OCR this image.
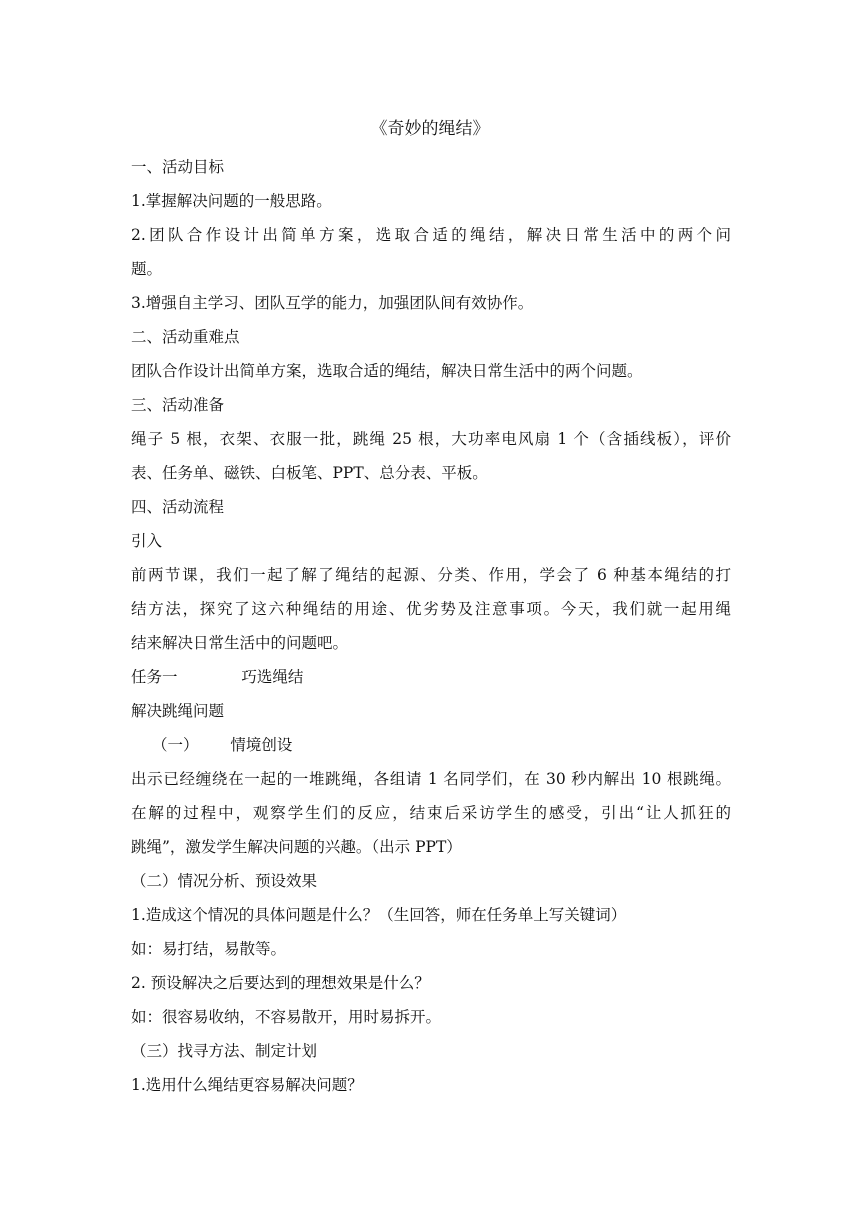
《奇妙的绳结》
一、活动目标
1.掌握解决问题的一般思路。
2.团队合作设计出简单方案，选取合适的绳结，解决日常生活中的两个问
题。
3.增强自主学习、团队互学的能力，加强团队间有效协作。
二、活动重难点
团队合作设计出简单方案，选取合适的绳结，解决日常生活中的两个问题。
三、活动准备
绳子 5 根，衣架、衣服一批，跳绳 25 根，大功率电风扇 1 个（含插线板），评价
表、任务单、磁铁、白板笔、PPT、总分表、平板。
四、活动流程
引入
前两节课，我们一起了解了绳结的起源、分类、作用，学会了 6 种基本绳结的打
结方法，探究了这六种绳结的用途、优劣势及注意事项。今天，我们就一起用绳
结来解决日常生活中的问题吧。
任务一	巧选绳结
解决跳绳问题
（一） 情境创设
出示已经缠绕在一起的一堆跳绳，各组请 1 名同学们，在 30 秒内解出 10 根跳绳。
在解的过程中，观察学生们的反应，结束后采访学生的感受，引出“让人抓狂的
跳绳”，激发学生解决问题的兴趣。（出示 PPT）
（二）情况分析、预设效果
1.造成这个情况的具体问题是什么？（生回答，师在任务单上写关键词）
如：易打结，易散等。
2. 预设解决之后要达到的理想效果是什么？
如：很容易收纳，不容易散开，用时易拆开。
（三）找寻方法、制定计划
1.选用什么绳结更容易解决问题？
